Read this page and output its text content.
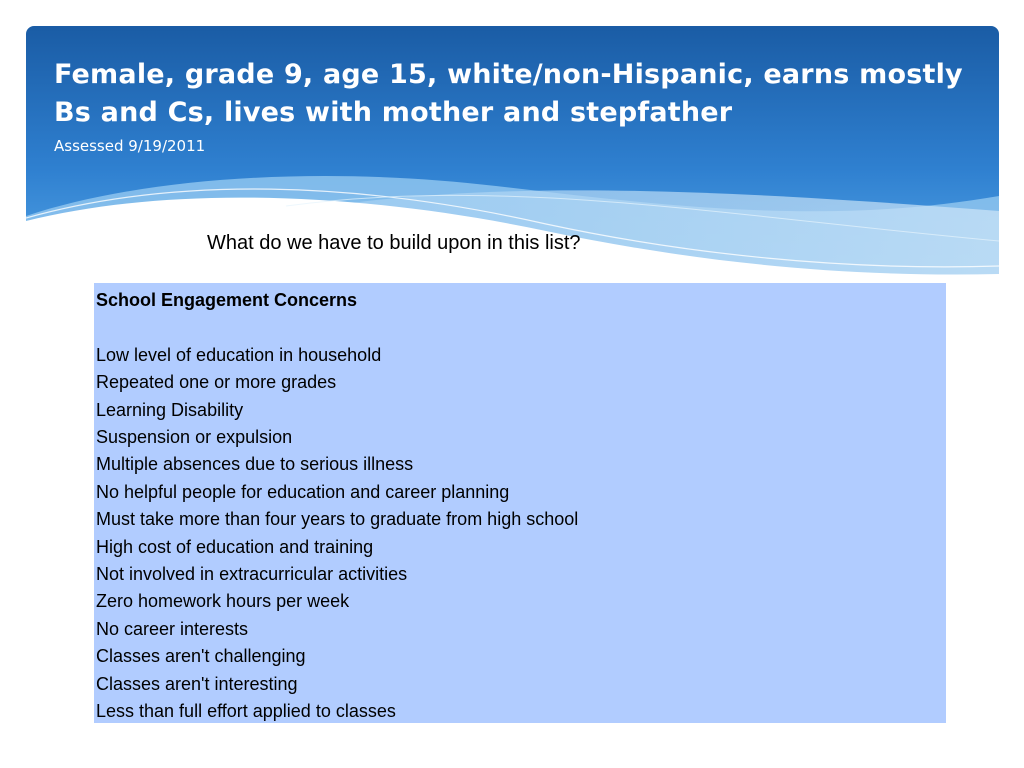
Female, grade 9, age 15, white/non-Hispanic, earns mostly Bs and Cs, lives with mother and stepfather

Assessed 9/19/2011

What do we have to build upon in this list?

School Engagement Concerns

Low level of education in household
Repeated one or more grades
Learning Disability
Suspension or expulsion
Multiple absences due to serious illness
No helpful people for education and career planning
Must take more than four years to graduate from high school
High cost of education and training
Not involved in extracurricular activities
Zero homework hours per week
No career interests
Classes aren't challenging
Classes aren't interesting
Less than full effort applied to classes
